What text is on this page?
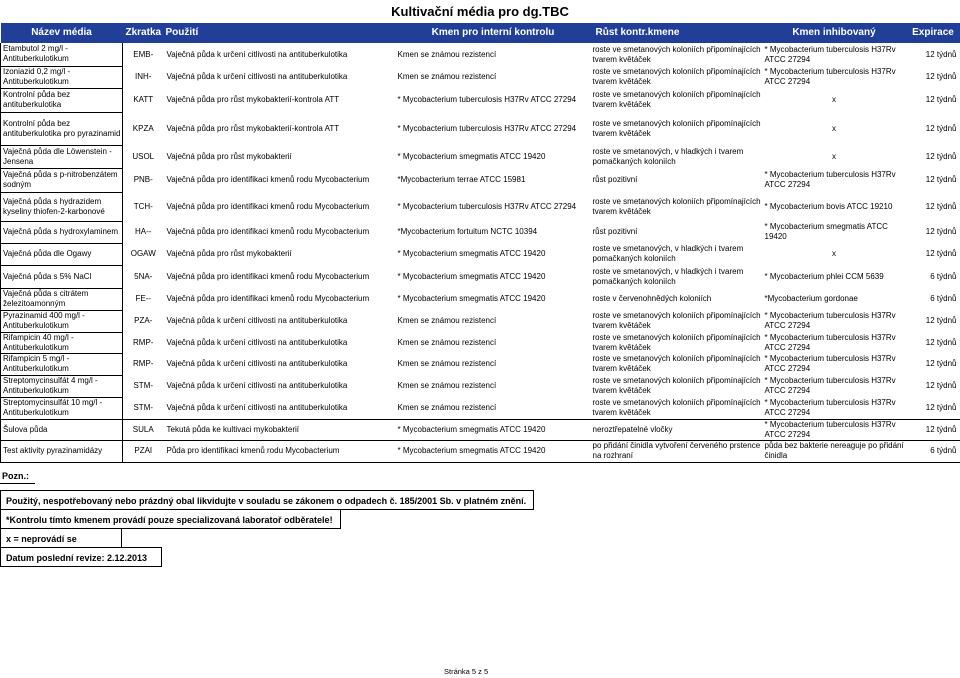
Kultivační média pro dg.TBC
Název média	Zkratka	Použití	Kmen pro interní kontrolu	Růst kontr.kmene	Kmen inhibovaný	Expirace
Etambutol 2 mg/l - Antituberkulotikum	EMB-	Vaječná půda k určení citlivosti na antituberkulotika	Kmen se známou rezistencí	roste ve smetanových koloniích připomínajících tvarem květáček	* Mycobacterium tuberculosis H37Rv ATCC 27294	12 týdnů
Izoniazid 0,2 mg/l - Antituberkulotikum	INH-	Vaječná půda k určení citlivosti na antituberkulotika	Kmen se známou rezistencí	roste ve smetanových koloniích připomínajících tvarem květáček	* Mycobacterium tuberculosis H37Rv ATCC 27294	12 týdnů
Kontrolní půda bez antituberkulotika	KATT	Vaječná půda pro růst mykobakterií-kontrola ATT	* Mycobacterium tuberculosis H37Rv ATCC 27294	roste ve smetanových koloniích připomínajících tvarem květáček	x	12 týdnů
Kontrolní půda bez antituberkulotika pro pyrazinamid	KPZA	Vaječná půda pro růst mykobakterií-kontrola ATT	* Mycobacterium tuberculosis H37Rv ATCC 27294	roste ve smetanových koloniích připomínajících tvarem květáček	x	12 týdnů
Vaječná půda dle Löwenstein - Jensena	USOL	Vaječná půda pro růst mykobakterií	* Mycobacterium smegmatis ATCC 19420	roste ve smetanových, v hladkých i tvarem pomačkaných koloniích	x	12 týdnů
Vaječná půda s p-nitrobenzátem sodným	PNB-	Vaječná půda pro identifikaci kmenů rodu Mycobacterium	*Mycobacterium terrae ATCC 15981	růst pozitivní	* Mycobacterium tuberculosis H37Rv ATCC 27294	12 týdnů
Vaječná půda s hydrazidem kyseliny thiofen-2-karbonové	TCH-	Vaječná půda pro identifikaci kmenů rodu Mycobacterium	* Mycobacterium tuberculosis H37Rv ATCC 27294	roste ve smetanových koloniích připomínajících tvarem květáček	* Mycobacterium bovis ATCC 19210	12 týdnů
Vaječná půda s hydroxylaminem	HA--	Vaječná půda pro identifikaci kmenů rodu Mycobacterium	*Mycobacterium fortuitum NCTC 10394	růst pozitivní	* Mycobacterium smegmatis ATCC 19420	12 týdnů
Vaječná půda dle Ogawy	OGAW	Vaječná půda pro růst mykobakterií	* Mycobacterium smegmatis ATCC 19420	roste ve smetanových, v hladkých i tvarem pomačkaných koloniích	x	12 týdnů
Vaječná půda s 5% NaCl	5NA-	Vaječná půda pro identifikaci kmenů rodu Mycobacterium	* Mycobacterium smegmatis ATCC 19420	roste ve smetanových, v hladkých i tvarem pomačkaných koloniích	* Mycobacterium phlei CCM 5639	6 týdnů
Vaječná půda s citrátem železitoamonným	FE--	Vaječná půda pro identifikaci kmenů rodu Mycobacterium	* Mycobacterium smegmatis ATCC 19420	roste v červenohnědých koloniích	*Mycobacterium gordonae	6 týdnů
Pyrazinamid 400 mg/l - Antituberkulotikum	PZA-	Vaječná půda k určení citlivosti na antituberkulotika	Kmen se známou rezistencí	roste ve smetanových koloniích připomínajících tvarem květáček	* Mycobacterium tuberculosis H37Rv ATCC 27294	12 týdnů
Rifampicin 40 mg/l - Antituberkulotikum	RMP-	Vaječná půda k určení citlivosti na antituberkulotika	Kmen se známou rezistencí	roste ve smetanových koloniích připomínajících tvarem květáček	* Mycobacterium tuberculosis H37Rv ATCC 27294	12 týdnů
Rifampicin 5 mg/l - Antituberkulotikum	RMP-	Vaječná půda k určení citlivosti na antituberkulotika	Kmen se známou rezistencí	roste ve smetanových koloniích připomínajících tvarem květáček	* Mycobacterium tuberculosis H37Rv ATCC 27294	12 týdnů
Streptomycinsulfát 4 mg/l - Antituberkulotikum	STM-	Vaječná půda k určení citlivosti na antituberkulotika	Kmen se známou rezistencí	roste ve smetanových koloniích připomínajících tvarem květáček	* Mycobacterium tuberculosis H37Rv ATCC 27294	12 týdnů
Streptomycinsulfát 10 mg/l - Antituberkulotikum	STM-	Vaječná půda k určení citlivosti na antituberkulotika	Kmen se známou rezistencí	roste ve smetanových koloniích připomínajících tvarem květáček	* Mycobacterium tuberculosis H37Rv ATCC 27294	12 týdnů
Šulova půda	SULA	Tekutá půda ke kultivaci mykobakterií	* Mycobacterium smegmatis ATCC 19420	neroztřepatelné vločky	* Mycobacterium tuberculosis H37Rv ATCC 27294	12 týdnů
Test aktivity pyrazinamidázy	PZAI	Půda pro identifikaci kmenů rodu Mycobacterium	* Mycobacterium smegmatis ATCC 19420	po přidání činidla vytvoření červeného prstence na rozhraní	půda bez bakterie nereaguje po přidání činidla	6 týdnů
Pozn.:
Použitý, nespotřebovaný nebo prázdný obal likvidujte v souladu se zákonem o odpadech č. 185/2001 Sb. v platném znění.
*Kontrolu tímto kmenem provádí pouze specializovaná laboratoř odběratele!
x = neprovádí se
Datum poslední revize: 2.12.2013
Stránka 5 z 5
